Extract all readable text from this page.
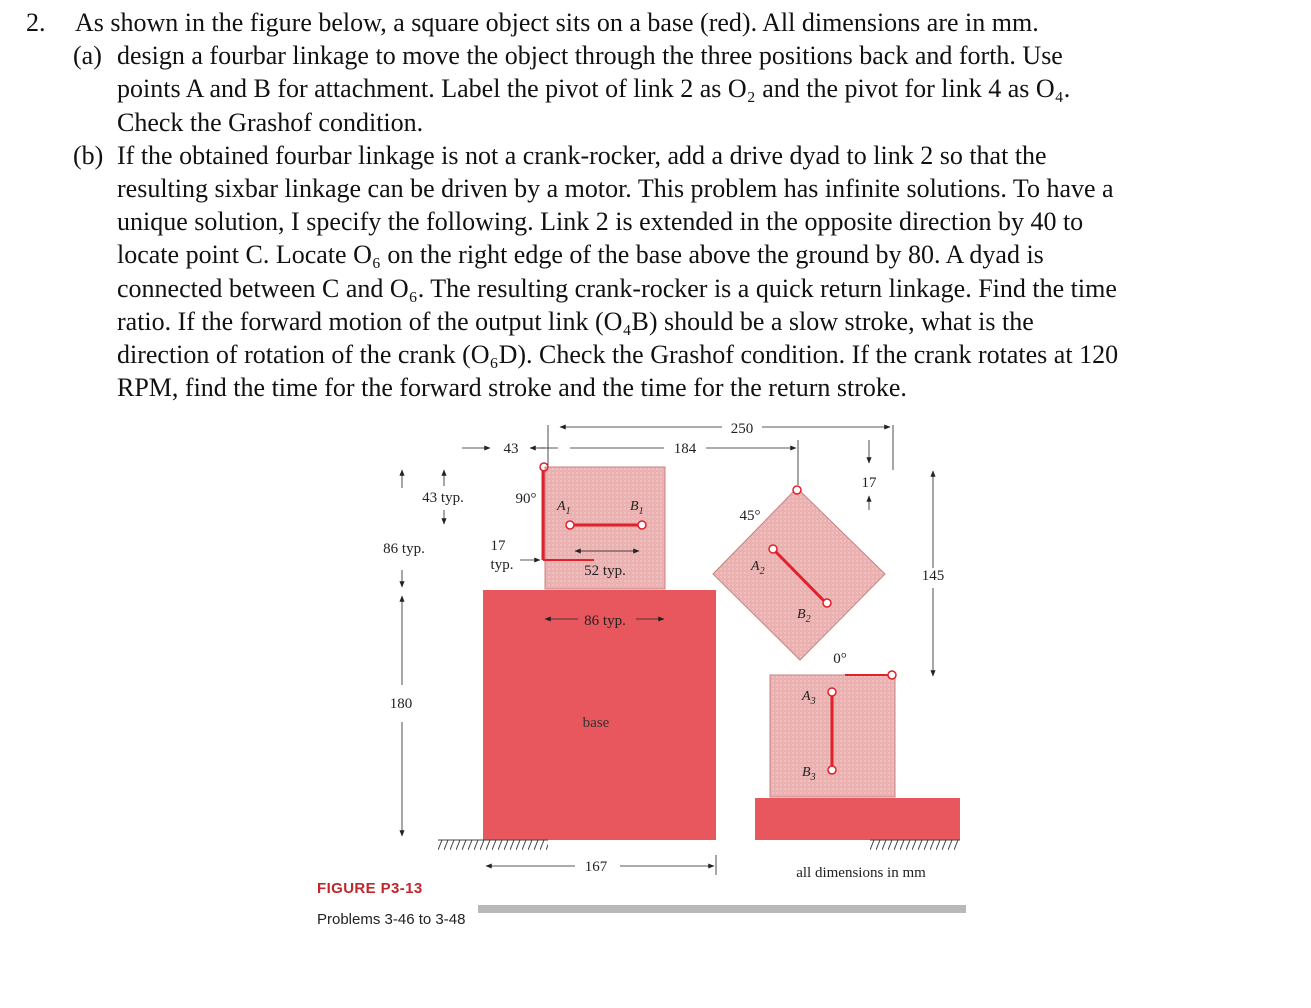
2. As shown in the figure below, a square object sits on a base (red). All dimensions are in mm.

(a) design a fourbar linkage to move the object through the three positions back and forth. Use

points A and B for attachment. Label the pivot of link 2 as O₂ and the pivot for link 4 as O₄.

Check the Grashof condition.

(b) If the obtained fourbar linkage is not a crank-rocker, add a drive dyad to link 2 so that the

resulting sixbar linkage can be driven by a motor. This problem has infinite solutions. To have a

unique solution, I specify the following. Link 2 is extended in the opposite direction by 40 to

locate point C. Locate O₆ on the right edge of the base above the ground by 80. A dyad is

connected between C and O₆. The resulting crank-rocker is a quick return linkage. Find the time

ratio. If the forward motion of the output link (O₄B) should be a slow stroke, what is the

direction of rotation of the crank (O₆D). Check the Grashof condition. If the crank rotates at 120

RPM, find the time for the forward stroke and the time for the return stroke.

base
250
43	184
17
145
43 typ.
86 typ.
180
90°
45°
0°
17
typ.	52 typ.
86 typ.
167	all dimensions in mm
$A_1$	$B_1$
$A_2$
$B_2$
$A_3$
$B_3$
FIGURE P3-13
Problems 3-46 to 3-48
